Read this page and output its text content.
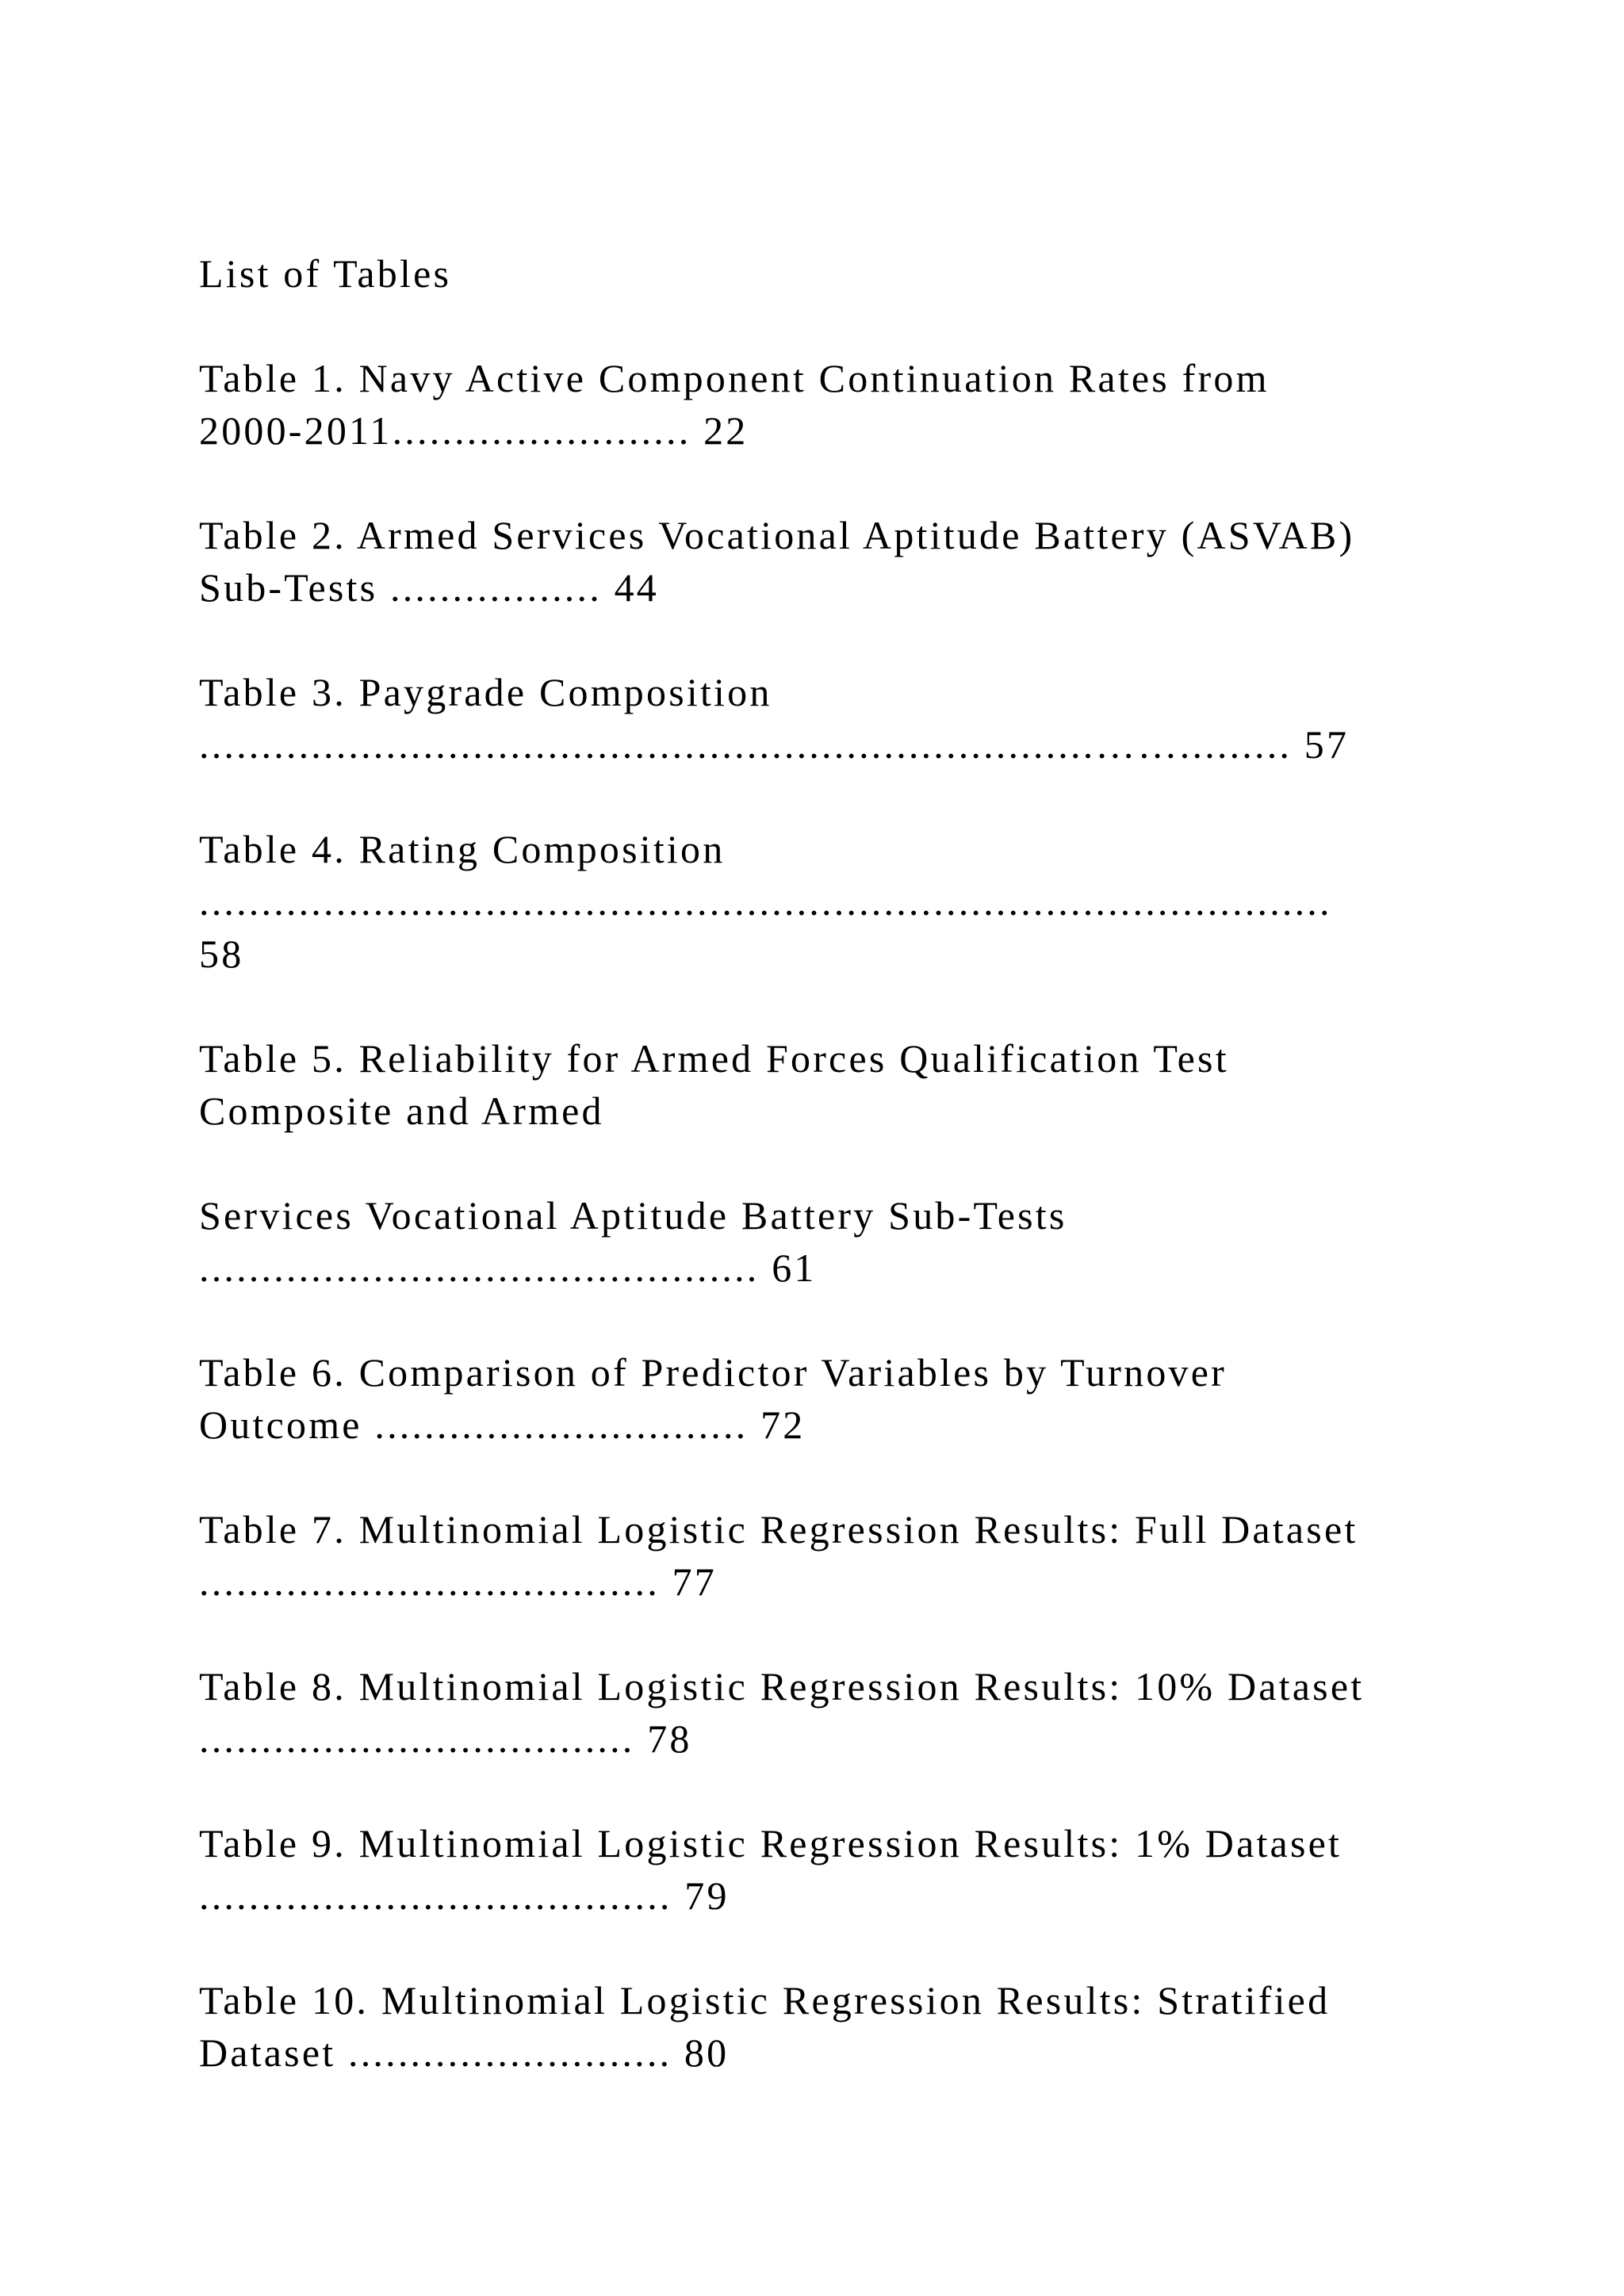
List of Tables
Table 1. Navy Active Component Continuation Rates from
2000-2011........................ 22
Table 2. Armed Services Vocational Aptitude Battery (ASVAB)
Sub-Tests ................. 44
Table 3. Paygrade Composition
........................................................................……......... 57
Table 4. Rating Composition
...........................................................................................
58
Table 5. Reliability for Armed Forces Qualification Test
Composite and Armed
Services Vocational Aptitude Battery Sub-Tests
............................................. 61
Table 6. Comparison of Predictor Variables by Turnover
Outcome .............................. 72
Table 7. Multinomial Logistic Regression Results: Full Dataset
..................................... 77
Table 8. Multinomial Logistic Regression Results: 10% Dataset
................................... 78
Table 9. Multinomial Logistic Regression Results: 1% Dataset
...................................... 79
Table 10. Multinomial Logistic Regression Results: Stratified
Dataset .......................... 80
